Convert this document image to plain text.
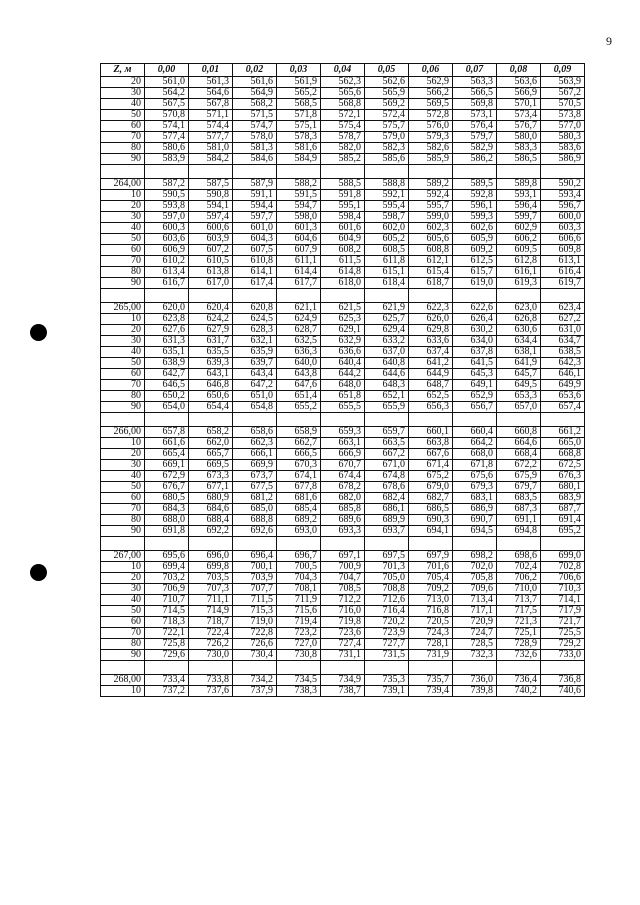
9
Z, м	0,00	0,01	0,02	0,03	0,04	0,05	0,06	0,07	0,08	0,09
20	561,0	561,3	561,6	561,9	562,3	562,6	562,9	563,3	563,6	563,9
30	564,2	564,6	564,9	565,2	565,6	565,9	566,2	566,5	566,9	567,2
40	567,5	567,8	568,2	568,5	568,8	569,2	569,5	569,8	570,1	570,5
50	570,8	571,1	571,5	571,8	572,1	572,4	572,8	573,1	573,4	573,8
60	574,1	574,4	574,7	575,1	575,4	575,7	576,0	576,4	576,7	577,0
70	577,4	577,7	578,0	578,3	578,7	579,0	579,3	579,7	580,0	580,3
80	580,6	581,0	581,3	581,6	582,0	582,3	582,6	582,9	583,3	583,6
90	583,9	584,2	584,6	584,9	585,2	585,6	585,9	586,2	586,5	586,9

264,00	587,2	587,5	587,9	588,2	588,5	588,8	589,2	589,5	589,8	590,2
10	590,5	590,8	591,1	591,5	591,8	592,1	592,4	592,8	593,1	593,4
20	593,8	594,1	594,4	594,7	595,1	595,4	595,7	596,1	596,4	596,7
30	597,0	597,4	597,7	598,0	598,4	598,7	599,0	599,3	599,7	600,0
40	600,3	600,6	601,0	601,3	601,6	602,0	602,3	602,6	602,9	603,3
50	603,6	603,9	604,3	604,6	604,9	605,2	605,6	605,9	606,2	606,6
60	606,9	607,2	607,5	607,9	608,2	608,5	608,8	609,2	609,5	609,8
70	610,2	610,5	610,8	611,1	611,5	611,8	612,1	612,5	612,8	613,1
80	613,4	613,8	614,1	614,4	614,8	615,1	615,4	615,7	616,1	616,4
90	616,7	617,0	617,4	617,7	618,0	618,4	618,7	619,0	619,3	619,7

265,00	620,0	620,4	620,8	621,1	621,5	621,9	622,3	622,6	623,0	623,4
10	623,8	624,2	624,5	624,9	625,3	625,7	626,0	626,4	626,8	627,2
20	627,6	627,9	628,3	628,7	629,1	629,4	629,8	630,2	630,6	631,0
30	631,3	631,7	632,1	632,5	632,9	633,2	633,6	634,0	634,4	634,7
40	635,1	635,5	635,9	636,3	636,6	637,0	637,4	637,8	638,1	638,5
50	638,9	639,3	639,7	640,0	640,4	640,8	641,2	641,5	641,9	642,3
60	642,7	643,1	643,4	643,8	644,2	644,6	644,9	645,3	645,7	646,1
70	646,5	646,8	647,2	647,6	648,0	648,3	648,7	649,1	649,5	649,9
80	650,2	650,6	651,0	651,4	651,8	652,1	652,5	652,9	653,3	653,6
90	654,0	654,4	654,8	655,2	655,5	655,9	656,3	656,7	657,0	657,4

266,00	657,8	658,2	658,6	658,9	659,3	659,7	660,1	660,4	660,8	661,2
10	661,6	662,0	662,3	662,7	663,1	663,5	663,8	664,2	664,6	665,0
20	665,4	665,7	666,1	666,5	666,9	667,2	667,6	668,0	668,4	668,8
30	669,1	669,5	669,9	670,3	670,7	671,0	671,4	671,8	672,2	672,5
40	672,9	673,3	673,7	674,1	674,4	674,8	675,2	675,6	675,9	676,3
50	676,7	677,1	677,5	677,8	678,2	678,6	679,0	679,3	679,7	680,1
60	680,5	680,9	681,2	681,6	682,0	682,4	682,7	683,1	683,5	683,9
70	684,3	684,6	685,0	685,4	685,8	686,1	686,5	686,9	687,3	687,7
80	688,0	688,4	688,8	689,2	689,6	689,9	690,3	690,7	691,1	691,4
90	691,8	692,2	692,6	693,0	693,3	693,7	694,1	694,5	694,8	695,2

267,00	695,6	696,0	696,4	696,7	697,1	697,5	697,9	698,2	698,6	699,0
10	699,4	699,8	700,1	700,5	700,9	701,3	701,6	702,0	702,4	702,8
20	703,2	703,5	703,9	704,3	704,7	705,0	705,4	705,8	706,2	706,6
30	706,9	707,3	707,7	708,1	708,5	708,8	709,2	709,6	710,0	710,3
40	710,7	711,1	711,5	711,9	712,2	712,6	713,0	713,4	713,7	714,1
50	714,5	714,9	715,3	715,6	716,0	716,4	716,8	717,1	717,5	717,9
60	718,3	718,7	719,0	719,4	719,8	720,2	720,5	720,9	721,3	721,7
70	722,1	722,4	722,8	723,2	723,6	723,9	724,3	724,7	725,1	725,5
80	725,8	726,2	726,6	727,0	727,4	727,7	728,1	728,5	728,9	729,2
90	729,6	730,0	730,4	730,8	731,1	731,5	731,9	732,3	732,6	733,0

268,00	733,4	733,8	734,2	734,5	734,9	735,3	735,7	736,0	736,4	736,8
10	737,2	737,6	737,9	738,3	738,7	739,1	739,4	739,8	740,2	740,6
